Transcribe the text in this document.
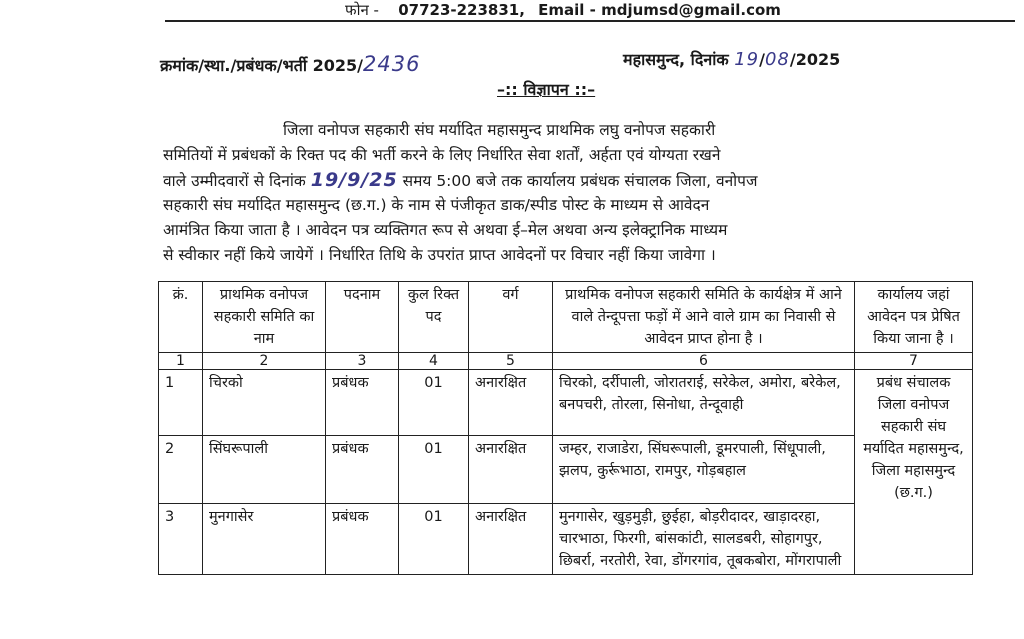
फोन - 07723-223831, Email - mdjumsd@gmail.com
क्रमांक/स्था./प्रबंधक/भर्ती 2025/2436	महासमुन्द, दिनांक 19/08/2025
–:: विज्ञापन ::–
जिला वनोपज सहकारी संघ मर्यादित महासमुन्द प्राथमिक लघु वनोपज सहकारी
समितियों में प्रबंधकों के रिक्त पद की भर्ती करने के लिए निर्धारित सेवा शर्तों, अर्हता एवं योग्यता रखने
वाले उम्मीदवारों से दिनांक 19/9/25 समय 5:00 बजे तक कार्यालय प्रबंधक संचालक जिला, वनोपज
सहकारी संघ मर्यादित महासमुन्द (छ.ग.) के नाम से पंजीकृत डाक/स्पीड पोस्ट के माध्यम से आवेदन
आमंत्रित किया जाता है । आवेदन पत्र व्यक्तिगत रूप से अथवा ई–मेल अथवा अन्य इलेक्ट्रानिक माध्यम
से स्वीकार नहीं किये जायेगें । निर्धारित तिथि के उपरांत प्राप्त आवेदनों पर विचार नहीं किया जावेगा ।
क्रं.	प्राथमिक वनोपज सहकारी समिति का नाम	पदनाम	कुल रिक्त पद	वर्ग	प्राथमिक वनोपज सहकारी समिति के कार्यक्षेत्र में आने वाले तेन्दूपत्ता फड़ों में आने वाले ग्राम का निवासी से आवेदन प्राप्त होना है ।	कार्यालय जहां आवेदन पत्र प्रेषित किया जाना है ।
1	2	3	4	5	6	7
1	चिरको	प्रबंधक	01	अनारक्षित	चिरको, दर्रीपाली, जोरातराई, सरेकेल, अमोरा, बरेकेल, बनपचरी, तोरला, सिनोधा, तेन्दूवाही	प्रबंध संचालक जिला वनोपज सहकारी संघ मर्यादित महासमुन्द, जिला महासमुन्द (छ.ग.)
2	सिंघरूपाली	प्रबंधक	01	अनारक्षित	जम्हर, राजाडेरा, सिंघरूपाली, डूमरपाली, सिंधूपाली, झलप, कुर्रूभाठा, रामपुर, गोड़बहाल	
3	मुनगासेर	प्रबंधक	01	अनारक्षित	मुनगासेर, खुड़मुड़ी, छुईहा, बोड़रीदादर, खाड़ादरहा, चारभाठा, फिरगी, बांसकांटी, सालडबरी, सोहागपुर, छिबर्रा, नरतोरी, रेवा, डोंगरगांव, तूबकबोरा, मोंगरापाली	
